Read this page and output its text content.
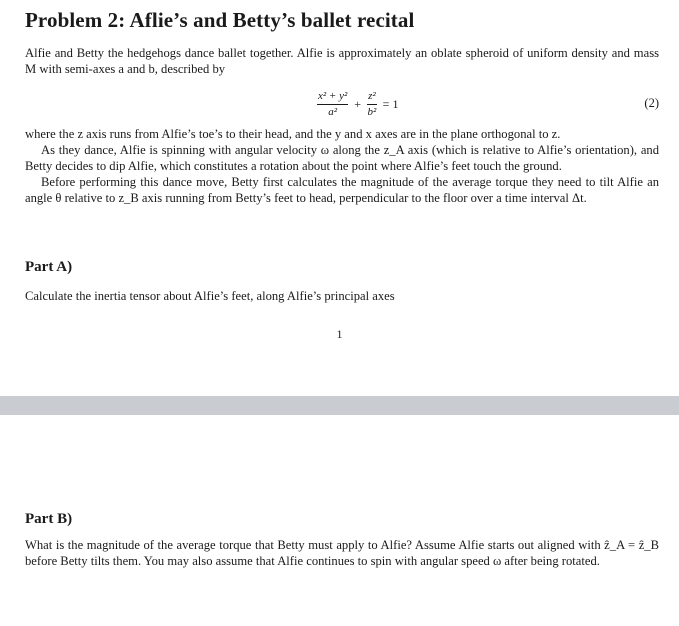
Problem 2: Aflie’s and Betty’s ballet recital

Alfie and Betty the hedgehogs dance ballet together. Alfie is approximately an oblate spheroid of uniform density and mass M with semi-axes a and b, described by

$\frac{\text{x² + y²}}{\text{a²}} + \frac{\text{z²}}{\text{b²}} = 1$	(2)
where the z axis runs from Alfie’s toe’s to their head, and the y and x axes are in the plane orthogonal to z.
As they dance, Alfie is spinning with angular velocity ω along the z_A axis (which is relative to Alfie’s orientation), and Betty decides to dip Alfie, which constitutes a rotation about the point where Alfie’s feet touch the ground.
Before performing this dance move, Betty first calculates the magnitude of the average torque they need to tilt Alfie an angle θ relative to z_B axis running from Betty’s feet to head, perpendicular to the floor over a time interval Δt.
Part A)

Calculate the inertia tensor about Alfie’s feet, along Alfie’s principal axes

1
Part B)

What is the magnitude of the average torque that Betty must apply to Alfie? Assume Alfie starts out aligned with ẑ_A = ẑ_B before Betty tilts them. You may also assume that Alfie continues to spin with angular speed ω after being rotated.
